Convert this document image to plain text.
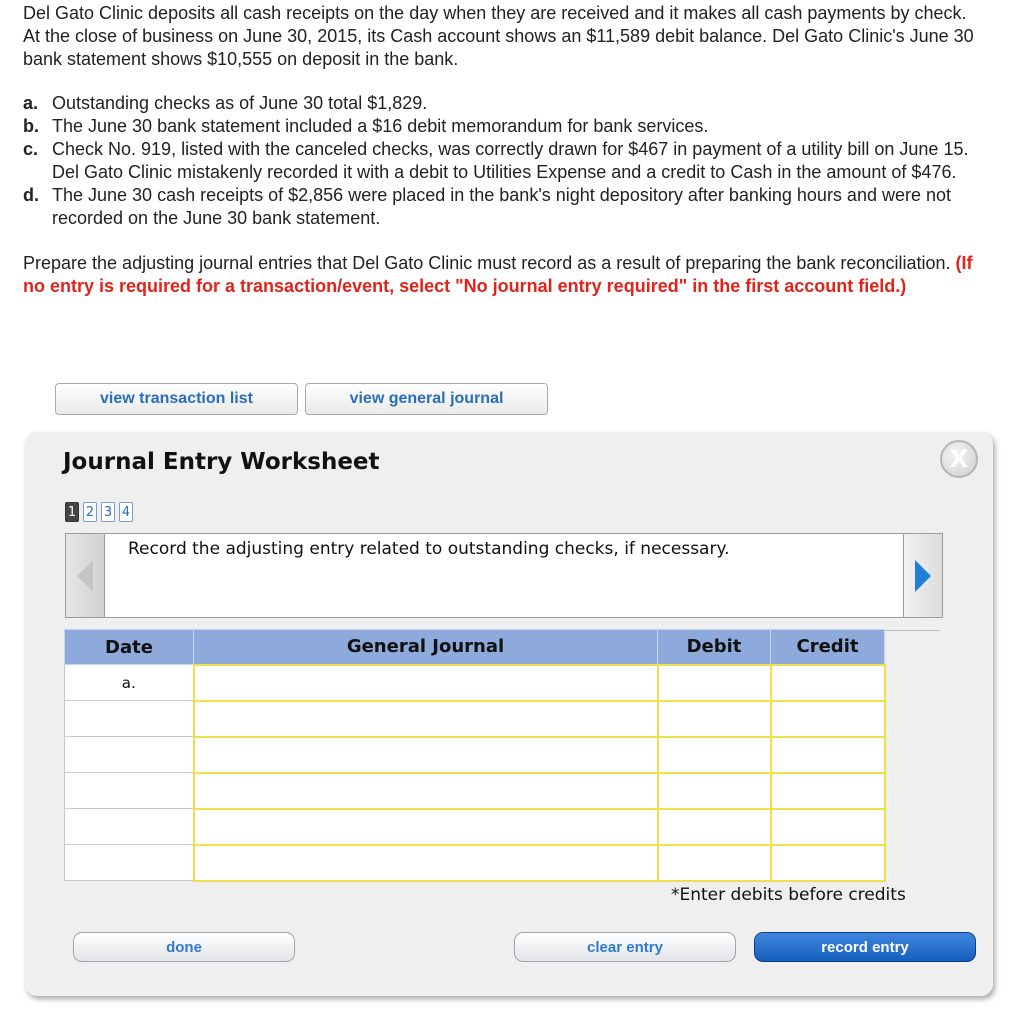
Del Gato Clinic deposits all cash receipts on the day when they are received and it makes all cash payments by check. At the close of business on June 30, 2015, its Cash account shows an $11,589 debit balance. Del Gato Clinic's June 30 bank statement shows $10,555 on deposit in the bank.

a. Outstanding checks as of June 30 total $1,829.
b. The June 30 bank statement included a $16 debit memorandum for bank services.
c. Check No. 919, listed with the canceled checks, was correctly drawn for $467 in payment of a utility bill on June 15. Del Gato Clinic mistakenly recorded it with a debit to Utilities Expense and a credit to Cash in the amount of $476.
d. The June 30 cash receipts of $2,856 were placed in the bank's night depository after banking hours and were not recorded on the June 30 bank statement.

Prepare the adjusting journal entries that Del Gato Clinic must record as a result of preparing the bank reconciliation. (If no entry is required for a transaction/event, select "No journal entry required" in the first account field.)

view transaction list	view general journal
Journal Entry Worksheet	X
1 2 3 4
Record the adjusting entry related to outstanding checks, if necessary.
Date	General Journal	Debit	Credit
a.			

*Enter debits before credits
done	clear entry	record entry
